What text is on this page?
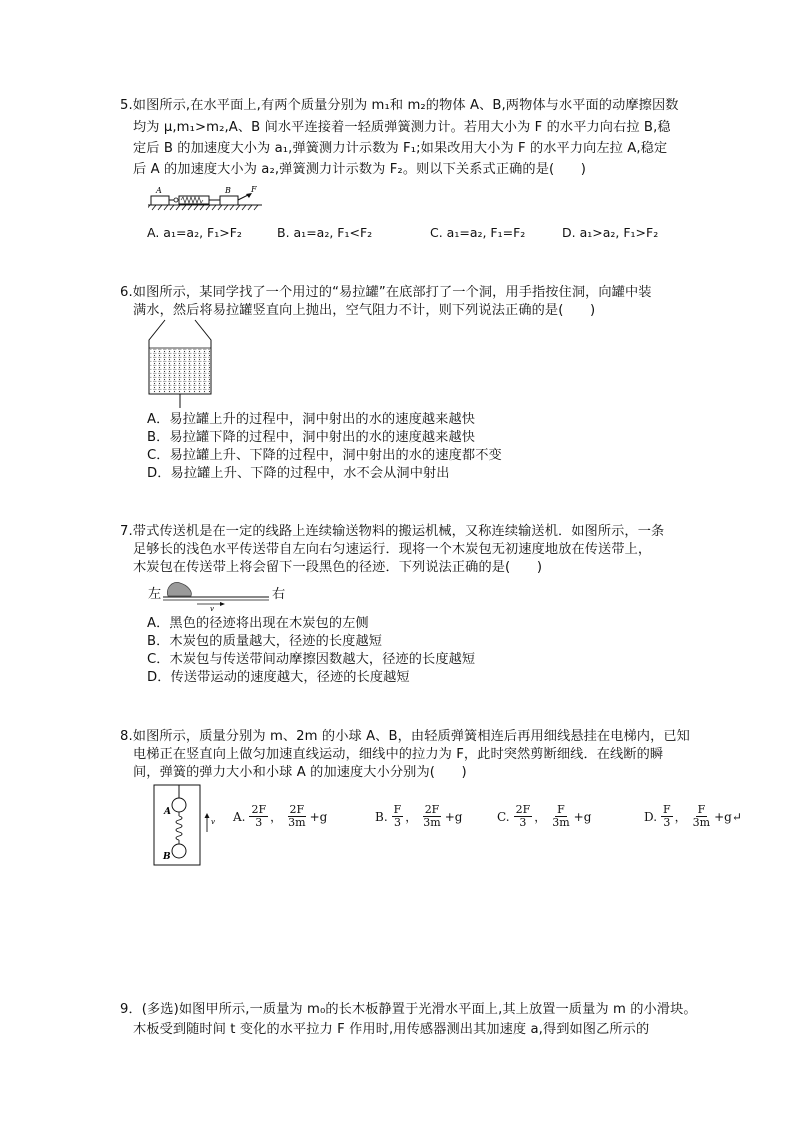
5.如图所示,在水平面上,有两个质量分别为 m₁和 m₂的物体 A、B,两物体与水平面的动摩擦因数
均为 μ,m₁>m₂,A、B 间水平连接着一轻质弹簧测力计。若用大小为 F 的水平力向右拉 B,稳
定后 B 的加速度大小为 a₁,弹簧测力计示数为 F₁;如果改用大小为 F 的水平力向左拉 A,稳定
后 A 的加速度大小为 a₂,弹簧测力计示数为 F₂。则以下关系式正确的是(　　)
A	B	F
A. a₁=a₂, F₁>F₂	B. a₁=a₂, F₁<F₂	C. a₁=a₂, F₁=F₂	D. a₁>a₂, F₁>F₂
6.如图所示，某同学找了一个用过的“易拉罐”在底部打了一个洞，用手指按住洞，向罐中装
满水，然后将易拉罐竖直向上抛出，空气阻力不计，则下列说法正确的是(　　)
A．易拉罐上升的过程中，洞中射出的水的速度越来越快
B．易拉罐下降的过程中，洞中射出的水的速度越来越快
C．易拉罐上升、下降的过程中，洞中射出的水的速度都不变
D．易拉罐上升、下降的过程中，水不会从洞中射出
7.带式传送机是在一定的线路上连续输送物料的搬运机械，又称连续输送机．如图所示，一条
足够长的浅色水平传送带自左向右匀速运行．现将一个木炭包无初速度地放在传送带上，
木炭包在传送带上将会留下一段黑色的径迹．下列说法正确的是(　　)
左
v
右
A．黑色的径迹将出现在木炭包的左侧
B．木炭包的质量越大，径迹的长度越短
C．木炭包与传送带间动摩擦因数越大，径迹的长度越短
D．传送带运动的速度越大，径迹的长度越短
8.如图所示，质量分别为 m、2m 的小球 A、B，由轻质弹簧相连后再用细线悬挂在电梯内，已知
电梯正在竖直向上做匀加速直线运动，细线中的拉力为 F，此时突然剪断细线．在线断的瞬
间，弹簧的弹力大小和小球 A 的加速度大小分别为(　　)
A
B
v A. $\frac{2F}{3}$ ， $\frac{2F}{3m} +g$	B. $\frac{F}{3}$ ， $\frac{2F}{3m} +g$	C. $\frac{2F}{3}$ ， $\frac{F}{3m} +g$	D. $\frac{F}{3}$ ， $\frac{F}{3m}$ +g↵
9．(多选)如图甲所示,一质量为 m₀的长木板静置于光滑水平面上,其上放置一质量为 m 的小滑块。
木板受到随时间 t 变化的水平拉力 F 作用时,用传感器测出其加速度 a,得到如图乙所示的
